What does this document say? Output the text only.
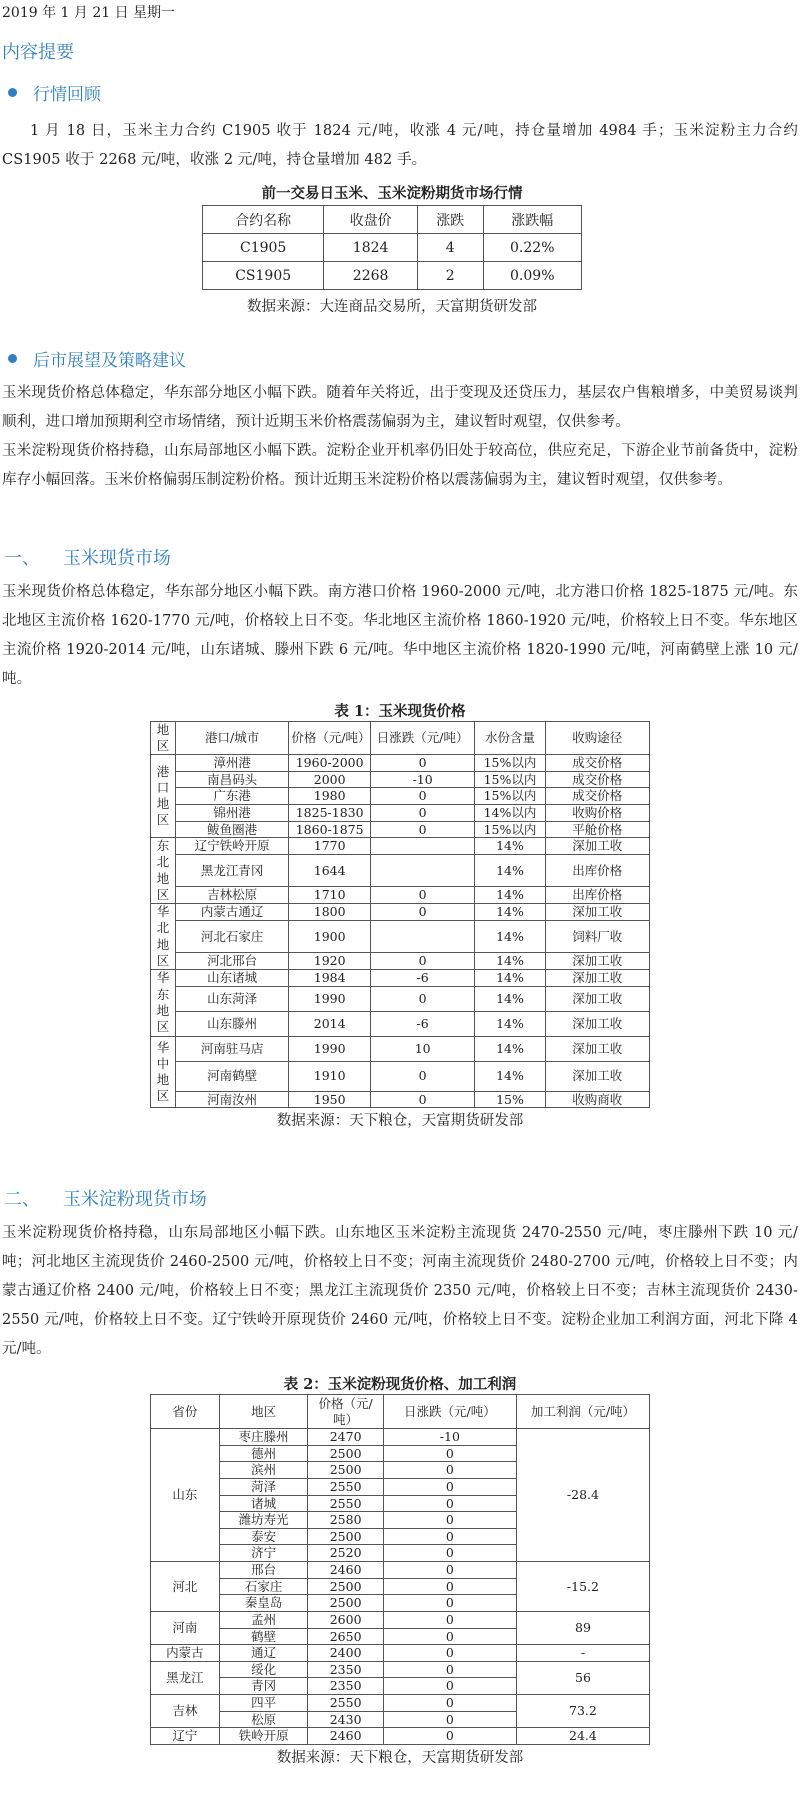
2019 年 1 月 21 日 星期一
内容提要
行情回顾
1 月 18 日，玉米主力合约 C1905 收于 1824 元/吨，收涨 4 元/吨，持仓量增加 4984 手；玉米淀粉主力合约 CS1905 收于 2268 元/吨，收涨 2 元/吨，持仓量增加 482 手。
前一交易日玉米、玉米淀粉期货市场行情
合约名称	收盘价	涨跌	涨跌幅
C1905	1824	4	0.22%
CS1905	2268	2	0.09%
数据来源：大连商品交易所，天富期货研发部
后市展望及策略建议
玉米现货价格总体稳定，华东部分地区小幅下跌。随着年关将近，出于变现及还贷压力，基层农户售粮增多，中美贸易谈判顺利，进口增加预期利空市场情绪，预计近期玉米价格震荡偏弱为主，建议暂时观望，仅供参考。
玉米淀粉现货价格持稳，山东局部地区小幅下跌。淀粉企业开机率仍旧处于较高位，供应充足，下游企业节前备货中，淀粉库存小幅回落。玉米价格偏弱压制淀粉价格。预计近期玉米淀粉价格以震荡偏弱为主，建议暂时观望，仅供参考。
一、    玉米现货市场
玉米现货价格总体稳定，华东部分地区小幅下跌。南方港口价格 1960-2000 元/吨，北方港口价格 1825-1875 元/吨。东北地区主流价格 1620-1770 元/吨，价格较上日不变。华北地区主流价格 1860-1920 元/吨，价格较上日不变。华东地区主流价格 1920-2014 元/吨，山东诸城、滕州下跌 6 元/吨。华中地区主流价格 1820-1990 元/吨，河南鹤壁上涨 10 元/吨。
表 1：玉米现货价格
地区	港口/城市	价格（元/吨）	日涨跌（元/吨）	水份含量	收购途径
港口地区	漳州港	1960-2000	0	15%以内	成交价格
	南昌码头	2000	-10	15%以内	成交价格
	广东港	1980	0	15%以内	成交价格
	锦州港	1825-1830	0	14%以内	收购价格
	鲅鱼圈港	1860-1875	0	15%以内	平舱价格
东北地区	辽宁铁岭开原	1770		14%	深加工收
	黑龙江青冈	1644		14%	出库价格
	吉林松原	1710	0	14%	出库价格
华北地区	内蒙古通辽	1800	0	14%	深加工收
	河北石家庄	1900		14%	饲料厂收
	河北邢台	1920	0	14%	深加工收
华东地区	山东诸城	1984	-6	14%	深加工收
	山东菏泽	1990	0	14%	深加工收
	山东滕州	2014	-6	14%	深加工收
华中地区	河南驻马店	1990	10	14%	深加工收
	河南鹤壁	1910	0	14%	深加工收
	河南汝州	1950	0	15%	收购商收
数据来源：天下粮仓，天富期货研发部
二、    玉米淀粉现货市场
玉米淀粉现货价格持稳，山东局部地区小幅下跌。山东地区玉米淀粉主流现货 2470-2550 元/吨，枣庄滕州下跌 10 元/吨；河北地区主流现货价 2460-2500 元/吨，价格较上日不变；河南主流现货价 2480-2700 元/吨，价格较上日不变；内蒙古通辽价格 2400 元/吨，价格较上日不变；黑龙江主流现货价 2350 元/吨，价格较上日不变；吉林主流现货价 2430-2550 元/吨，价格较上日不变。辽宁铁岭开原现货价 2460 元/吨，价格较上日不变。淀粉企业加工利润方面，河北下降 4 元/吨。
表 2：玉米淀粉现货价格、加工利润
省份	地区	价格（元/吨）	日涨跌（元/吨）	加工利润（元/吨）
山东	枣庄滕州	2470	-10	-28.4
	德州	2500	0	
	滨州	2500	0	
	菏泽	2550	0	
	诸城	2550	0	
	潍坊寿光	2580	0	
	泰安	2500	0	
	济宁	2520	0	
河北	邢台	2460	0	-15.2
	石家庄	2500	0	
	秦皇岛	2500	0	
河南	孟州	2600	0	89
	鹤壁	2650	0	
内蒙古	通辽	2400	0	-
黑龙江	绥化	2350	0	56
	青冈	2350	0	
吉林	四平	2550	0	73.2
	松原	2430	0	
辽宁	铁岭开原	2460	0	24.4
数据来源：天下粮仓，天富期货研发部
